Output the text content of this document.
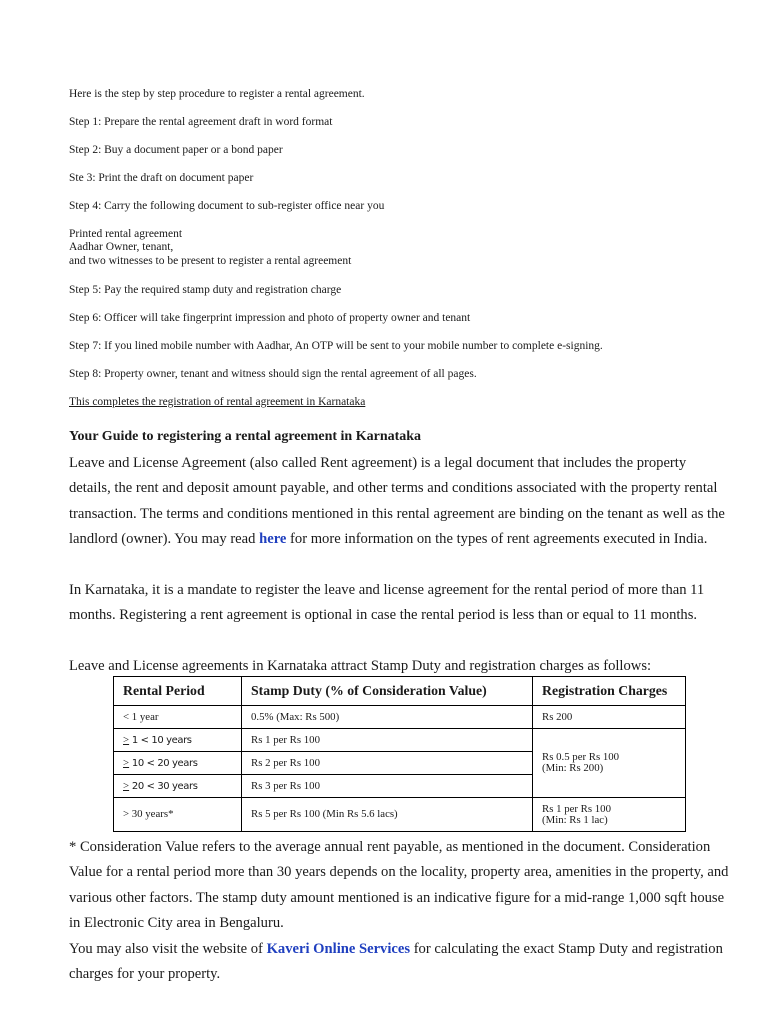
Here is the step by step procedure to register a rental agreement.
Step 1: Prepare the rental agreement draft in word format
Step 2: Buy a document paper or a bond paper
Ste 3: Print the draft on document paper
Step 4: Carry the following document to sub-register office near you
Printed rental agreement
Aadhar Owner, tenant,
and two witnesses to be present to register a rental agreement
Step 5: Pay the required stamp duty and registration charge
Step 6: Officer will take fingerprint impression and photo of property owner and tenant
Step 7: If you lined mobile number with Aadhar, An OTP will be sent to your mobile number to complete e-signing.
Step 8: Property owner, tenant and witness should sign the rental agreement of all pages.
This completes the registration of rental agreement in Karnataka
Your Guide to registering a rental agreement in Karnataka
Leave and License Agreement (also called Rent agreement) is a legal document that includes the property details, the rent and deposit amount payable, and other terms and conditions associated with the property rental transaction. The terms and conditions mentioned in this rental agreement are binding on the tenant as well as the landlord (owner). You may read here for more information on the types of rent agreements executed in India.
In Karnataka, it is a mandate to register the leave and license agreement for the rental period of more than 11 months. Registering a rent agreement is optional in case the rental period is less than or equal to 11 months.
Leave and License agreements in Karnataka attract Stamp Duty and registration charges as follows:
Rental Period	Stamp Duty (% of Consideration Value)	Registration Charges
< 1 year	0.5% (Max: Rs 500)	Rs 200
≥ 1 < 10 years	Rs 1 per Rs 100	Rs 0.5 per Rs 100
(Min: Rs 200)

≥ 10 < 20 years	Rs 2 per Rs 100	
≥ 20 < 30 years	Rs 3 per Rs 100	
> 30 years*	Rs 5 per Rs 100 (Min Rs 5.6 lacs)	Rs 1 per Rs 100
(Min: Rs 1 lac)
* Consideration Value refers to the average annual rent payable, as mentioned in the document. Consideration Value for a rental period more than 30 years depends on the locality, property area, amenities in the property, and various other factors. The stamp duty amount mentioned is an indicative figure for a mid-range 1,000 sqft house in Electronic City area in Bengaluru.
You may also visit the website of Kaveri Online Services for calculating the exact Stamp Duty and registration charges for your property.
